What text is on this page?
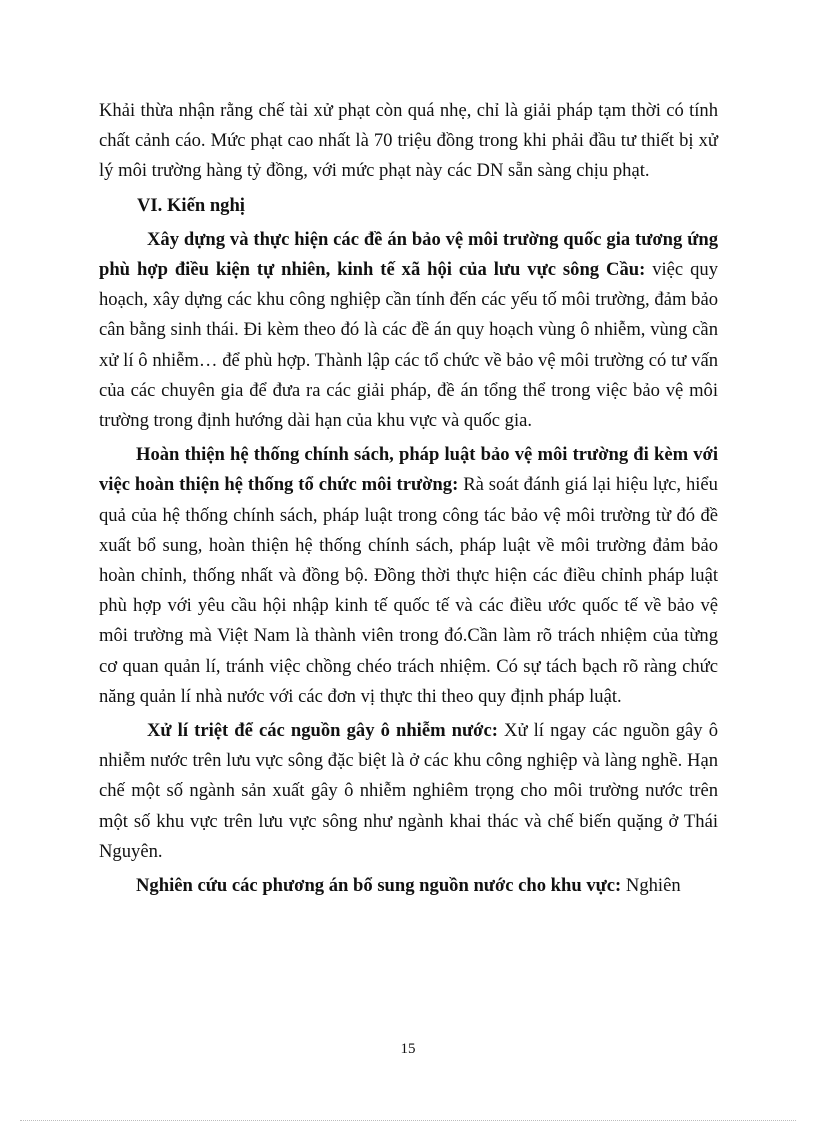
Khải thừa nhận rằng chế tài xử phạt còn quá nhẹ, chỉ là giải pháp tạm thời có tính chất cảnh cáo. Mức phạt cao nhất là 70 triệu đồng trong khi phải đầu tư thiết bị xử lý môi trường hàng tỷ đồng, với mức phạt này các DN sẵn sàng chịu phạt.

VI. Kiến nghị

Xây dựng và thực hiện các đề án bảo vệ môi trường quốc gia tương ứng phù hợp điều kiện tự nhiên, kinh tế xã hội của lưu vực sông Cầu: việc quy hoạch, xây dựng các khu công nghiệp cần tính đến các yếu tố môi trường, đảm bảo cân bằng sinh thái. Đi kèm theo đó là các đề án quy hoạch vùng ô nhiễm, vùng cần xử lí ô nhiễm… để phù hợp. Thành lập các tổ chức về bảo vệ môi trường có tư vấn của các chuyên gia để đưa ra các giải pháp, đề án tổng thể trong việc bảo vệ môi trường trong định hướng dài hạn của khu vực và quốc gia.

Hoàn thiện hệ thống chính sách, pháp luật bảo vệ môi trường đi kèm với việc hoàn thiện hệ thống tổ chức môi trường: Rà soát đánh giá lại hiệu lực, hiểu quả của hệ thống chính sách, pháp luật trong công tác bảo vệ môi trường từ đó đề xuất bổ sung, hoàn thiện hệ thống chính sách, pháp luật về môi trường đảm bảo hoàn chỉnh, thống nhất và đồng bộ. Đồng thời thực hiện các điều chỉnh pháp luật phù hợp với yêu cầu hội nhập kinh tế quốc tế và các điều ước quốc tế về bảo vệ môi trường mà Việt Nam là thành viên trong đó.Cần làm rõ trách nhiệm của từng cơ quan quản lí, tránh việc chồng chéo trách nhiệm. Có sự tách bạch rõ ràng chức năng quản lí nhà nước với các đơn vị thực thi theo quy định pháp luật.

Xử lí triệt để các nguồn gây ô nhiễm nước: Xử lí ngay các nguồn gây ô nhiễm nước trên lưu vực sông đặc biệt là ở các khu công nghiệp và làng nghề. Hạn chế một số ngành sản xuất gây ô nhiễm nghiêm trọng cho môi trường nước trên một số khu vực trên lưu vực sông như ngành khai thác và chế biến quặng ở Thái Nguyên.

Nghiên cứu các phương án bổ sung nguồn nước cho khu vực: Nghiên

15
